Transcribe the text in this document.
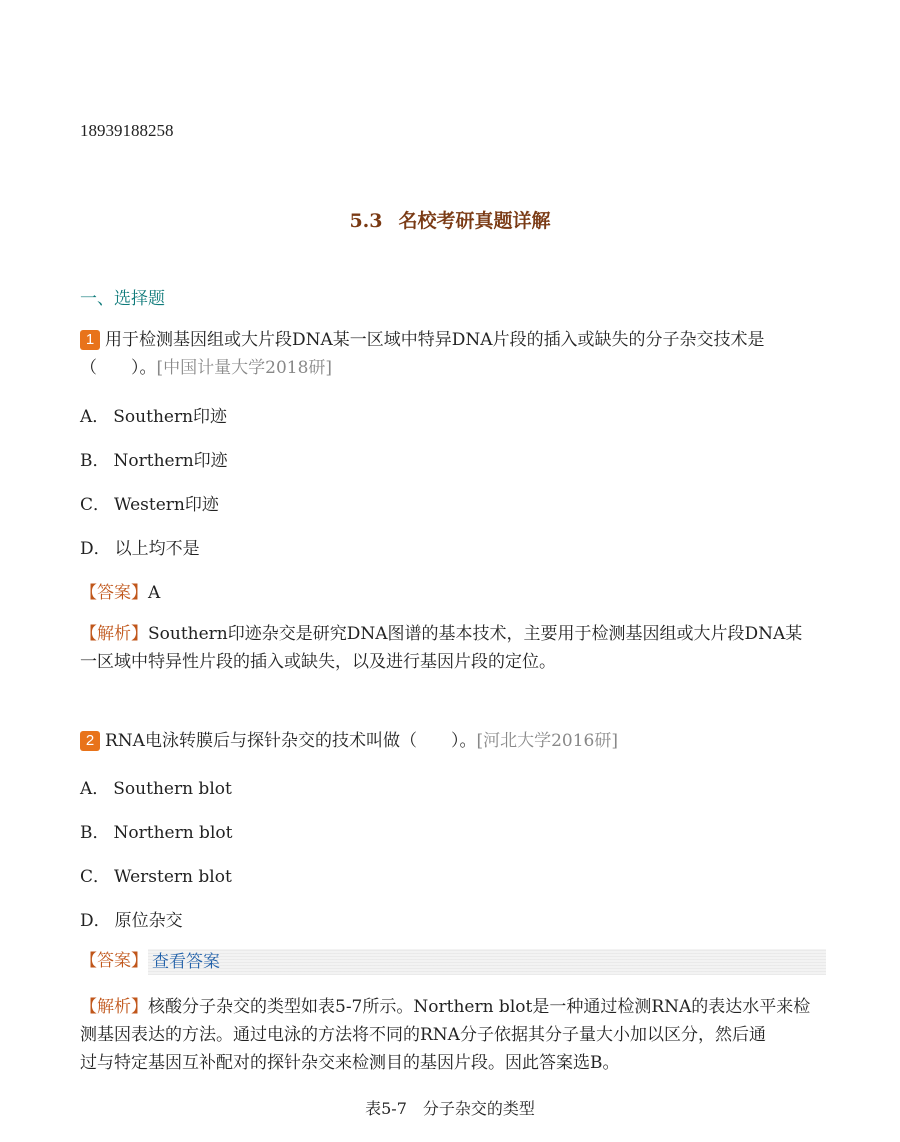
18939188258
5.3 名校考研真题详解
一、选择题
1 用于检测基因组或大片段DNA某一区域中特异DNA片段的插入或缺失的分子杂交技术是
（　　）。[中国计量大学2018研]
A． Southern印迹
B． Northern印迹
C． Western印迹
D． 以上均不是
【答案】A
【解析】Southern印迹杂交是研究DNA图谱的基本技术，主要用于检测基因组或大片段DNA某
一区域中特异性片段的插入或缺失，以及进行基因片段的定位。
2 RNA电泳转膜后与探针杂交的技术叫做（　　）。[河北大学2016研]
A． Southern blot
B． Northern blot
C． Werstern blot
D． 原位杂交
【答案】 查看答案
【解析】核酸分子杂交的类型如表5-7所示。Northern blot是一种通过检测RNA的表达水平来检
测基因表达的方法。通过电泳的方法将不同的RNA分子依据其分子量大小加以区分，然后通
过与特定基因互补配对的探针杂交来检测目的基因片段。因此答案选B。
表5-7　分子杂交的类型
